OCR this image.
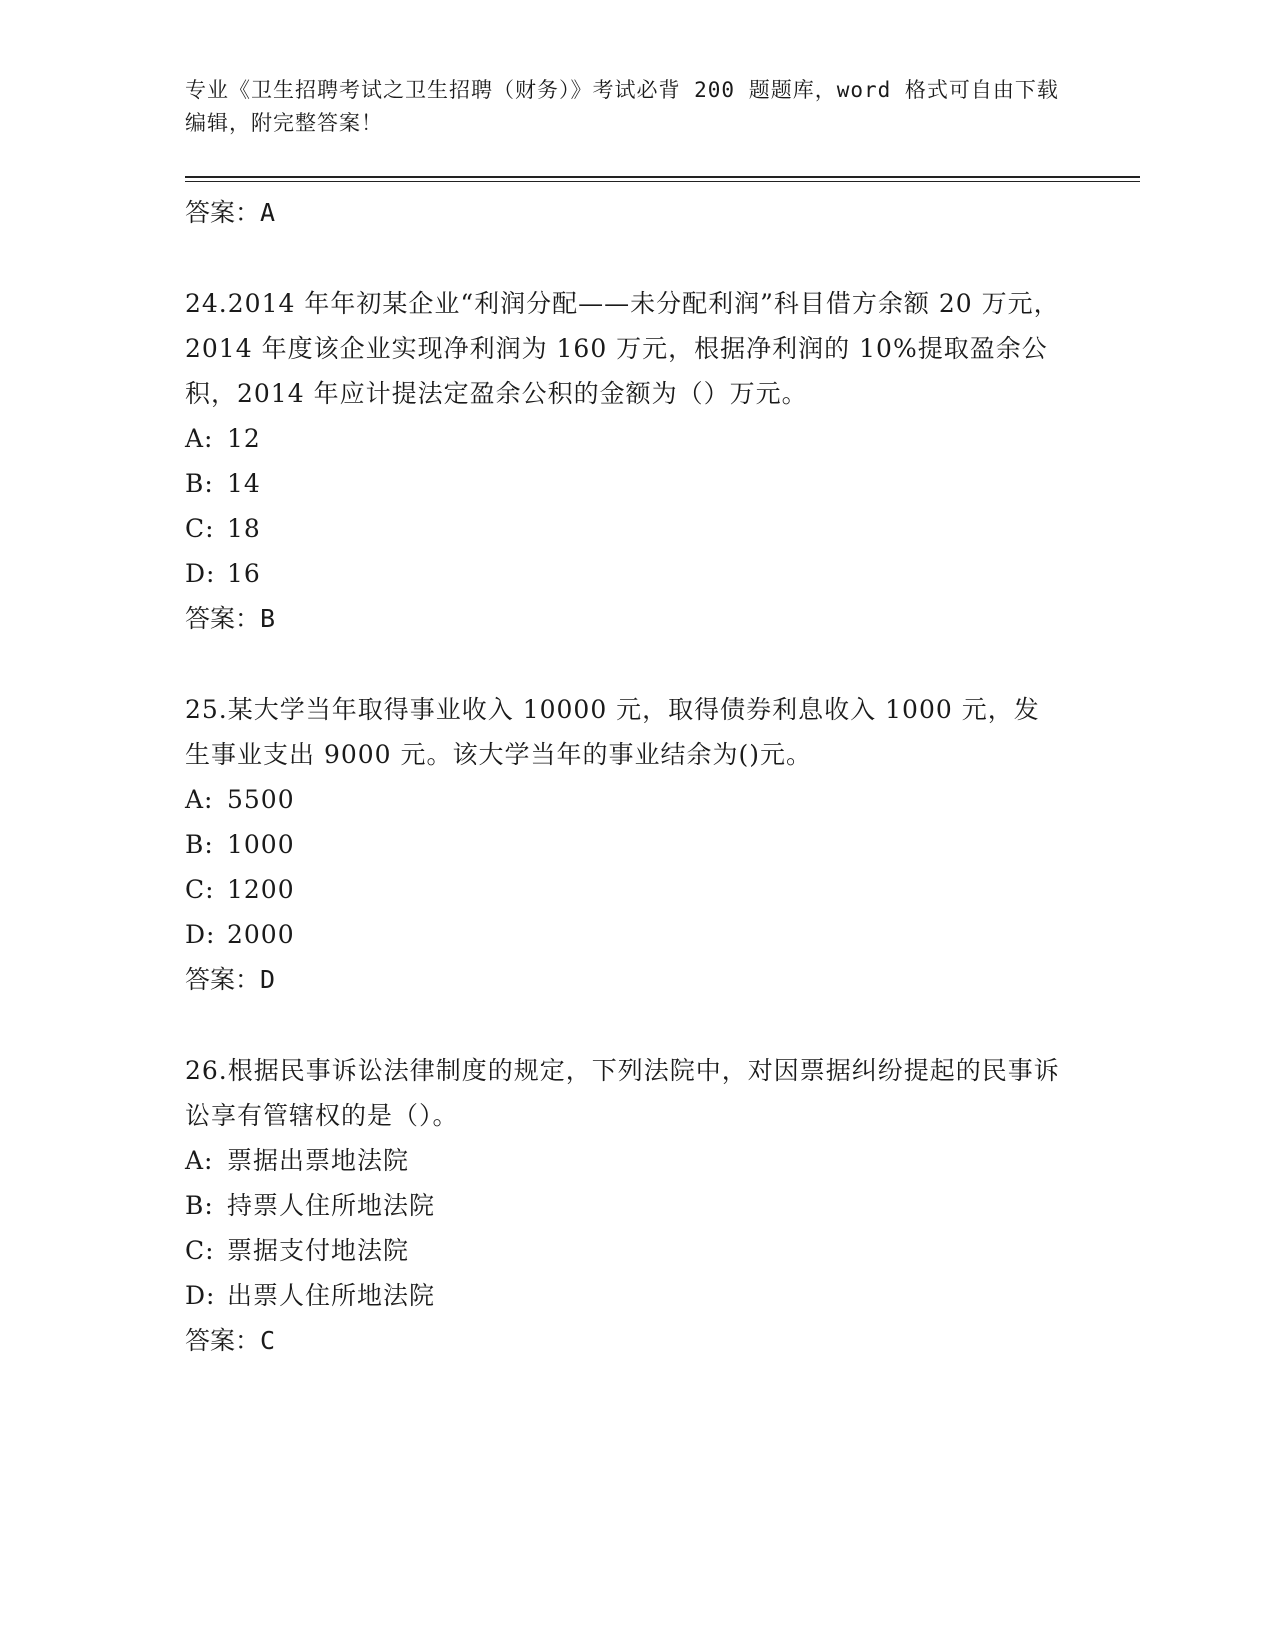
专业《卫生招聘考试之卫生招聘（财务）》考试必背 200 题题库，word 格式可自由下载编辑，附完整答案！

答案：A

24.2014 年年初某企业“利润分配——未分配利润”科目借方余额 20 万元，2014 年度该企业实现净利润为 160 万元，根据净利润的 10%提取盈余公积，2014 年应计提法定盈余公积的金额为（）万元。

A: 12

B: 14

C: 18

D: 16

答案：B

25.某大学当年取得事业收入 10000 元，取得债券利息收入 1000 元，发生事业支出 9000 元。该大学当年的事业结余为()元。

A: 5500

B: 1000

C: 1200

D: 2000

答案：D

26.根据民事诉讼法律制度的规定，下列法院中，对因票据纠纷提起的民事诉讼享有管辖权的是（）。

A: 票据出票地法院

B: 持票人住所地法院

C: 票据支付地法院

D: 出票人住所地法院

答案：C
